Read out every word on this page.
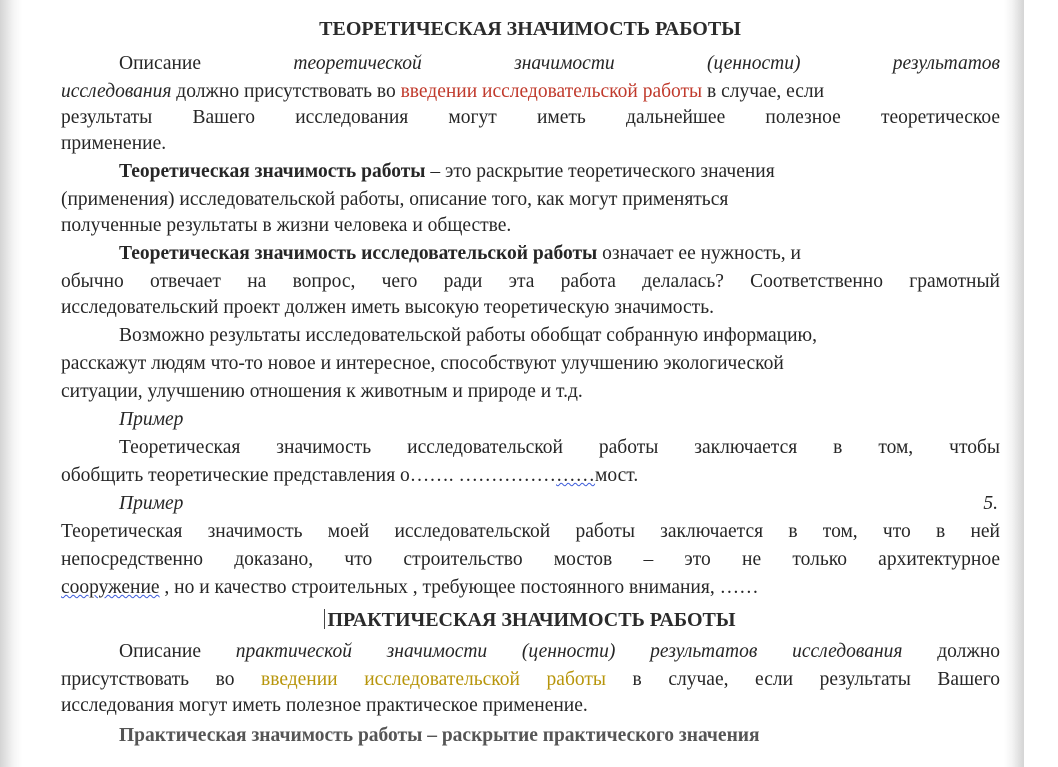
ТЕОРЕТИЧЕСКАЯ ЗНАЧИМОСТЬ РАБОТЫ
Описание теоретической	значимости	(ценности)	результатов
исследования должно присутствовать во введении исследовательской работы в случае, если
результаты Вашего исследования могут иметь дальнейшее полезное теоретическое
применение.
Теоретическая значимость работы – это раскрытие теоретического значения
(применения) исследовательской работы, описание того, как могут применяться
полученные результаты в жизни человека и обществе.
Теоретическая значимость исследовательской работы означает ее нужность, и
обычно отвечает на вопрос, чего ради эта работа делалась? Соответственно грамотный
исследовательский проект должен иметь высокую теоретическую значимость.
Возможно результаты исследовательской работы обобщат собранную информацию,
расскажут людям что-то новое и интересное, способствуют улучшению экологической
ситуации, улучшению отношения к животным и природе и т.д.
Пример
Теоретическая значимость исследовательской работы заключается в том, чтобы
обобщить теоретические представления о……. …………………мост.
Пример	5.
Теоретическая значимость моей исследовательской работы заключается в том, что в ней
непосредственно доказано, что строительство мостов – это не только архитектурное
сооружение , но и качество строительных , требующее постоянного внимания, ……
ПРАКТИЧЕСКАЯ ЗНАЧИМОСТЬ РАБОТЫ
Описание практической значимости (ценности) результатов исследования должно
присутствовать во введении исследовательской работы в случае, если результаты Вашего
исследования могут иметь полезное практическое применение.
Практическая значимость работы – раскрытие практического значения
